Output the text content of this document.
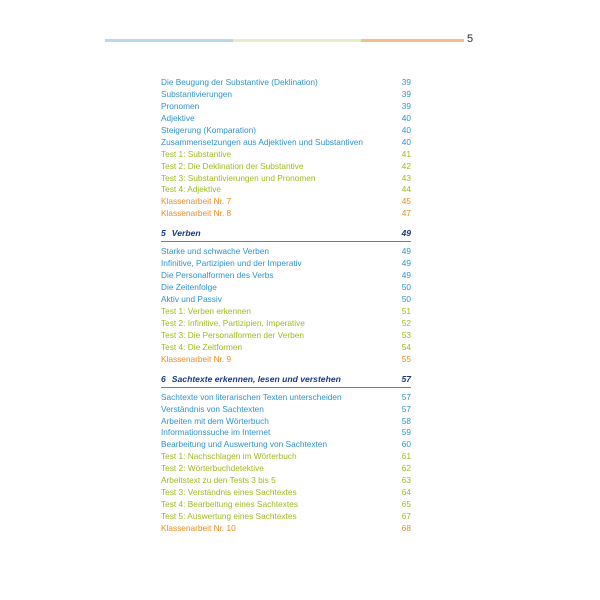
5
Die Beugung der Substantive (Deklination)	39
Substantivierungen	39
Pronomen	39
Adjektive	40
Steigerung (Komparation)	40
Zusammensetzungen aus Adjektiven und Substantiven	40
Test 1: Substantive	41
Test 2: Die Deklination der Substantive	42
Test 3: Substantivierungen und Pronomen	43
Test 4: Adjektive	44
Klassenarbeit Nr. 7	45
Klassenarbeit Nr. 8	47
5 Verben	49
Starke und schwache Verben	49
Infinitive, Partizipien und der Imperativ	49
Die Personalformen des Verbs	49
Die Zeitenfolge	50
Aktiv und Passiv	50
Test 1: Verben erkennen	51
Test 2: Infinitive, Partizipien, Imperative	52
Test 3: Die Personalformen der Verben	53
Test 4: Die Zeitformen	54
Klassenarbeit Nr. 9	55
6 Sachtexte erkennen, lesen und verstehen	57
Sachtexte von literarischen Texten unterscheiden	57
Verständnis von Sachtexten	57
Arbeiten mit dem Wörterbuch	58
Informationssuche im Internet	59
Bearbeitung und Auswertung von Sachtexten	60
Test 1: Nachschlagen im Wörterbuch	61
Test 2: Wörterbuchdetektive	62
Arbeitstext zu den Tests 3 bis 5	63
Test 3: Verständnis eines Sachtextes	64
Test 4: Bearbeitung eines Sachtextes	65
Test 5: Auswertung eines Sachtextes	67
Klassenarbeit Nr. 10	68
